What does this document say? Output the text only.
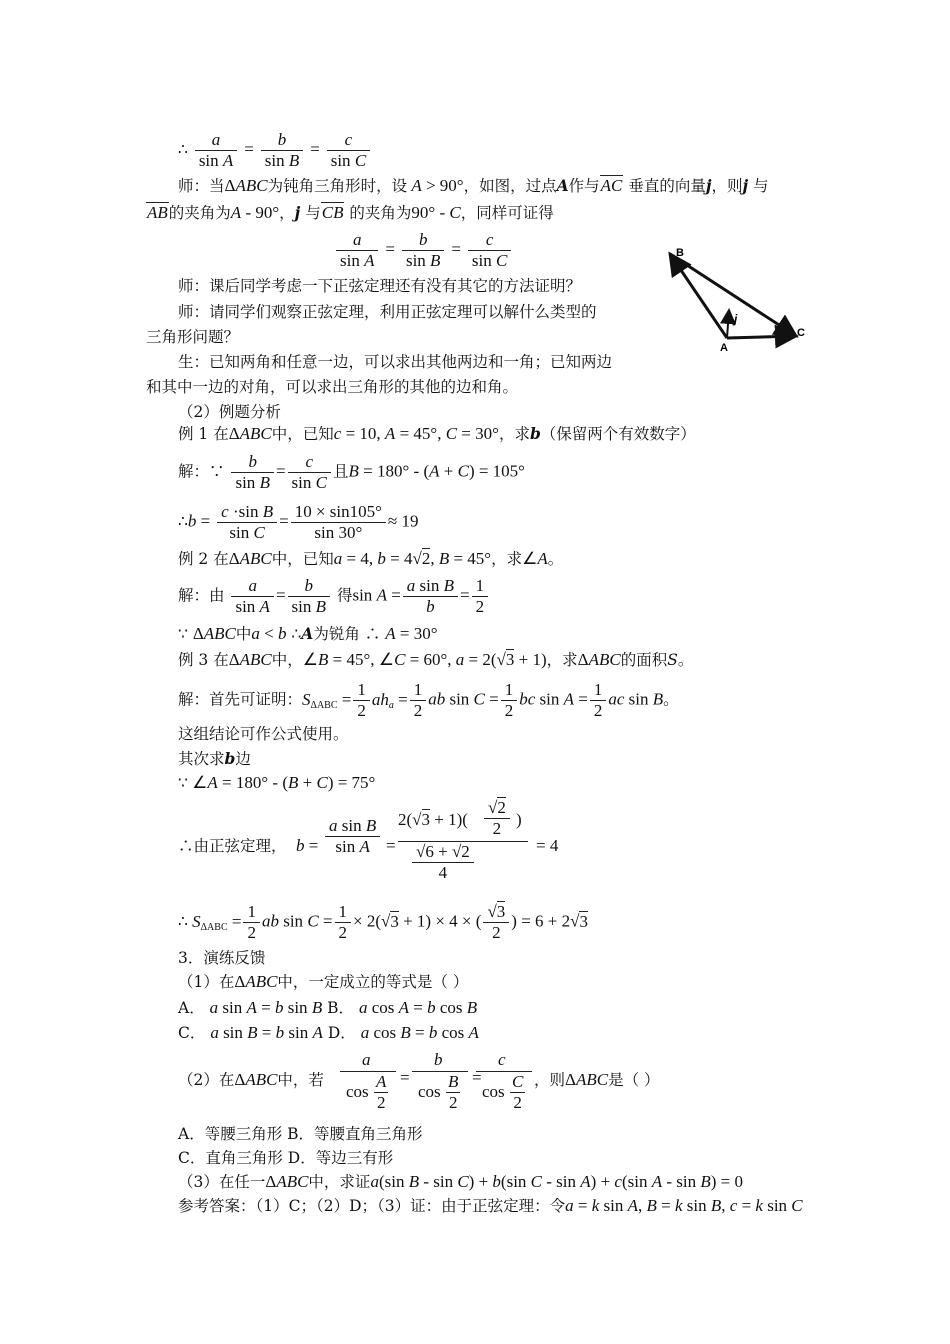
∴ $\frac{a}{\text{sin A}} = \frac{b}{\text{sin B}} = \frac{c}{\text{sin C}}$
师：当ΔABC为钝角三角形时，设 A > 90°，如图，过点A作与AC 垂直的向量j，则j 与
AB的夹角为A - 90°，j 与CB 的夹角为90° - C，同样可证得
$\frac{a}{\text{sin A}} = \frac{b}{\text{sin B}} = \frac{c}{\text{sin C}}$	B
A
C
j
师：课后同学考虑一下正弦定理还有没有其它的方法证明？
师：请同学们观察正弦定理，利用正弦定理可以解什么类型的
三角形问题？
生：已知两角和任意一边，可以求出其他两边和一角；已知两边
和其中一边的对角，可以求出三角形的其他的边和角。
（2）例题分析
例 1 在ΔABC中，已知c = 10, A = 45°, C = 30°，求b（保留两个有效数字）
解：∵ $\frac{b}{\text{sin B}} = \frac{c}{\text{sin C}}$ 且B = 180° - (A + C) = 105°
∴b = $\frac{\text{c ·sin B}}{\text{sin C}} = \frac{10 \times \sin 105^\circ}{\sin 30^\circ} \approx 19$
例 2 在ΔABC中，已知a = 4, b = 4√2, B = 45°，求∠A。
解：由 $\frac{a}{\text{sin A}} = \frac{b}{\text{sin B}}$ 得$\sin A = \frac{\text{a sin B}}{b} = \frac{1}{2}$
∵ ΔABC中a < b ∴A为锐角 ∴ A = 30°
例 3 在ΔABC中，∠B = 45°, ∠C = 60°, a = 2(√3 + 1)，求ΔABC的面积S。
解：首先可证明：$S_{\Delta ABC} = \frac{1}{2} ah_a = \frac{1}{2}$ ab $\sin C = \frac{1}{2}$ bc $\sin A = \frac{1}{2}$ ac sin B。
这组结论可作公式使用。
其次求b边
∵ ∠A = 180° - (B + C) = 75°
∴由正弦定理， $b = \frac{\text{a sin B}}{\text{sin A}}$ =
$2(√3 + 1)( \frac{√2}{2}$ )
$\frac{√6 + √2}{4}$	= 4
∴ $S_{\Delta ABC} = \frac{1}{2}$ ab $\sin C = \frac{1}{2} \times 2(√3 + 1) \times 4$ × ( $\frac{√3}{2}$ ) = 6 + 2√3
3．演练反馈
（1）在ΔABC中，一定成立的等式是（ ）
A． a sin A = b sin B B． a cos A = b cos B
C． a sin B = b sin A D． a cos B = b cos A
（2）在ΔABC中，若
a
$\cos \frac{A}{2}$ =
b
$\cos \frac{B}{2}$ =
c
$\cos \frac{C}{2}$ ，则ΔABC是（ ）
A．等腰三角形 B．等腰直角三角形
C．直角三角形 D．等边三有形
（3）在任一ΔABC中，求证a(sin B - sin C) + b(sin C - sin A) + c(sin A - sin B) = 0
参考答案：（1）C；（2）D；（3）证：由于正弦定理：令a = k sin A, B = k sin B, c = k sin C
